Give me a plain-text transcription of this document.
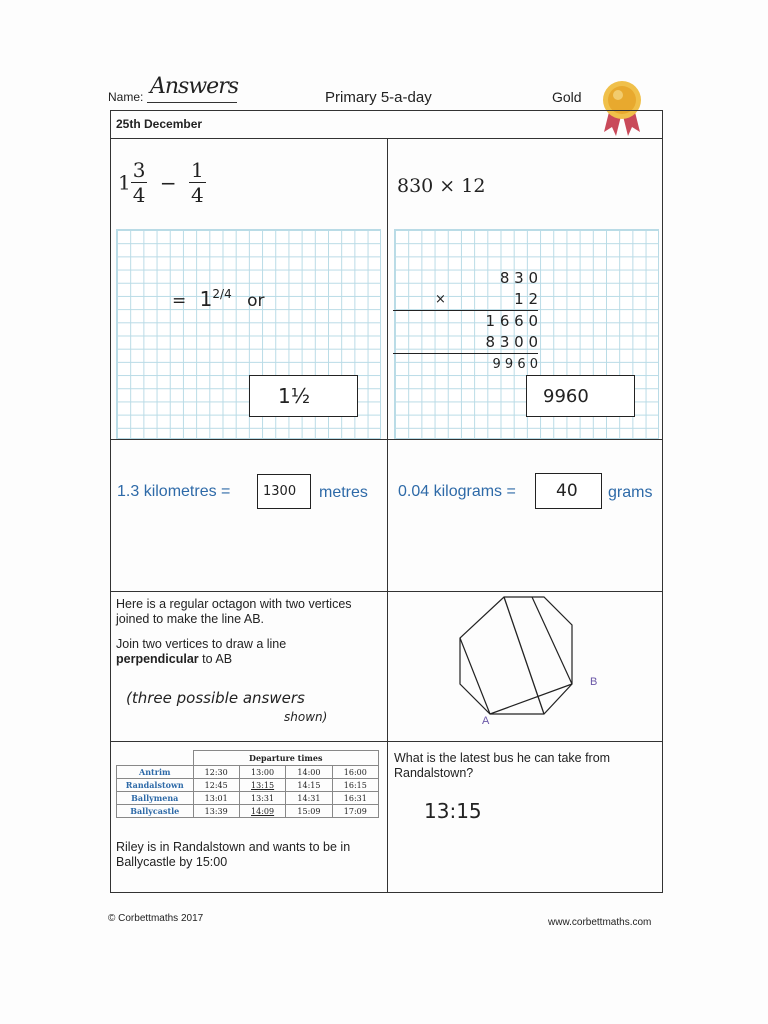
Name: Answers	Primary 5-a-day	Gold
25th December
$1 \frac{3}{4} - \frac{1}{4}$
= $1^{2/4}$ or
1½
830 × 12
8 3 0
×	1 2
1 6 6 0
8 3 0 0
9 9 6 0
9960
1.3 kilometres =	1300 metres 0.04 kilograms = 40 grams
Here is a regular octagon with two vertices joined to make the line AB.
Join two vertices to draw a line
perpendicular to AB
(three possible answers
shown)	A
B
	Departure times			
Antrim	12:30	13:00	14:00	16:00
Randalstown	12:45	13:15	14:15	16:15
Ballymena	13:01	13:31	14:31	16:31
Ballycastle	13:39	14:09	15:09	17:09
Riley is in Randalstown and wants to be in Ballycastle by 15:00
What is the latest bus he can take from Randalstown?
13:15
© Corbettmaths 2017	www.corbettmaths.com
